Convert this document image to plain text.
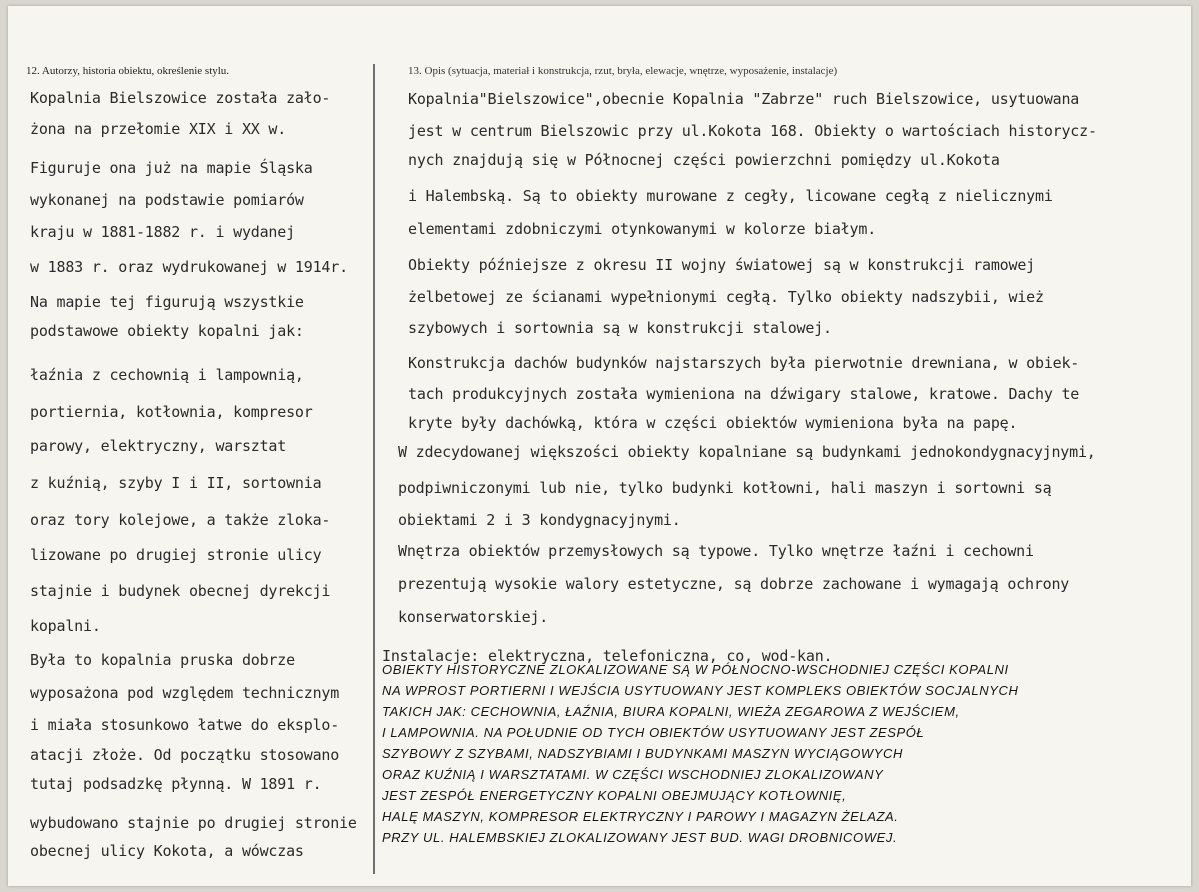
12. Autorzy, historia obiektu, określenie stylu.	13. Opis (sytuacja, materiał i konstrukcja, rzut, bryła, elewacje, wnętrze, wyposażenie, instalacje)
Kopalnia Bielszowice została zało-
żona na przełomie XIX i XX w.
Figuruje ona już na mapie Śląska
wykonanej na podstawie pomiarów
kraju w 1881-1882 r. i wydanej
w 1883 r. oraz wydrukowanej w 1914r.
Na mapie tej figurują wszystkie
podstawowe obiekty kopalni jak:
łaźnia z cechownią i lampownią,
portiernia, kotłownia, kompresor
parowy, elektryczny, warsztat
z kuźnią, szyby I i II, sortownia
oraz tory kolejowe, a także zloka-
lizowane po drugiej stronie ulicy
stajnie i budynek obecnej dyrekcji
kopalni.
Była to kopalnia pruska dobrze
wyposażona pod względem technicznym
i miała stosunkowo łatwe do eksplo-
atacji złoże. Od początku stosowano
tutaj podsadzkę płynną. W 1891 r.
wybudowano stajnie po drugiej stronie
obecnej ulicy Kokota, a wówczas
Kopalnia"Bielszowice",obecnie Kopalnia "Zabrze" ruch Bielszowice, usytuowana
jest w centrum Bielszowic przy ul.Kokota 168. Obiekty o wartościach historycz-
nych znajdują się w Północnej części powierzchni pomiędzy ul.Kokota
i Halembską. Są to obiekty murowane z cegły, licowane cegłą z nielicznymi
elementami zdobniczymi otynkowanymi w kolorze białym.
Obiekty późniejsze z okresu II wojny światowej są w konstrukcji ramowej
żelbetowej ze ścianami wypełnionymi cegłą. Tylko obiekty nadszybii, wież
szybowych i sortownia są w konstrukcji stalowej.
Konstrukcja dachów budynków najstarszych była pierwotnie drewniana, w obiek-
tach produkcyjnych została wymieniona na dźwigary stalowe, kratowe. Dachy te
kryte były dachówką, która w części obiektów wymieniona była na papę.
W zdecydowanej większości obiekty kopalniane są budynkami jednokondygnacyjnymi,
podpiwniczonymi lub nie, tylko budynki kotłowni, hali maszyn i sortowni są
obiektami 2 i 3 kondygnacyjnymi.
Wnętrza obiektów przemysłowych są typowe. Tylko wnętrze łaźni i cechowni
prezentują wysokie walory estetyczne, są dobrze zachowane i wymagają ochrony
konserwatorskiej.
Instalacje: elektryczna, telefoniczna, co, wod-kan.
OBIEKTY HISTORYCZNE ZLOKALIZOWANE SĄ W PÓŁNOCNO-WSCHODNIEJ CZĘŚCI KOPALNI
NA WPROST PORTIERNI I WEJŚCIA USYTUOWANY JEST KOMPLEKS OBIEKTÓW SOCJALNYCH
TAKICH JAK: CECHOWNIA, ŁAŹNIA, BIURA KOPALNI, WIEŻA ZEGAROWA Z WEJŚCIEM,
I LAMPOWNIA. NA POŁUDNIE OD TYCH OBIEKTÓW USYTUOWANY JEST ZESPÓŁ
SZYBOWY Z SZYBAMI, NADSZYBIAMI I BUDYNKAMI MASZYN WYCIĄGOWYCH
ORAZ KUŹNIĄ I WARSZTATAMI. W CZĘŚCI WSCHODNIEJ ZLOKALIZOWANY
JEST ZESPÓŁ ENERGETYCZNY KOPALNI OBEJMUJĄCY KOTŁOWNIĘ,
HALĘ MASZYN, KOMPRESOR ELEKTRYCZNY I PAROWY I MAGAZYN ŻELAZA.
PRZY UL. HALEMBSKIEJ ZLOKALIZOWANY JEST BUD. WAGI DROBNICOWEJ.
